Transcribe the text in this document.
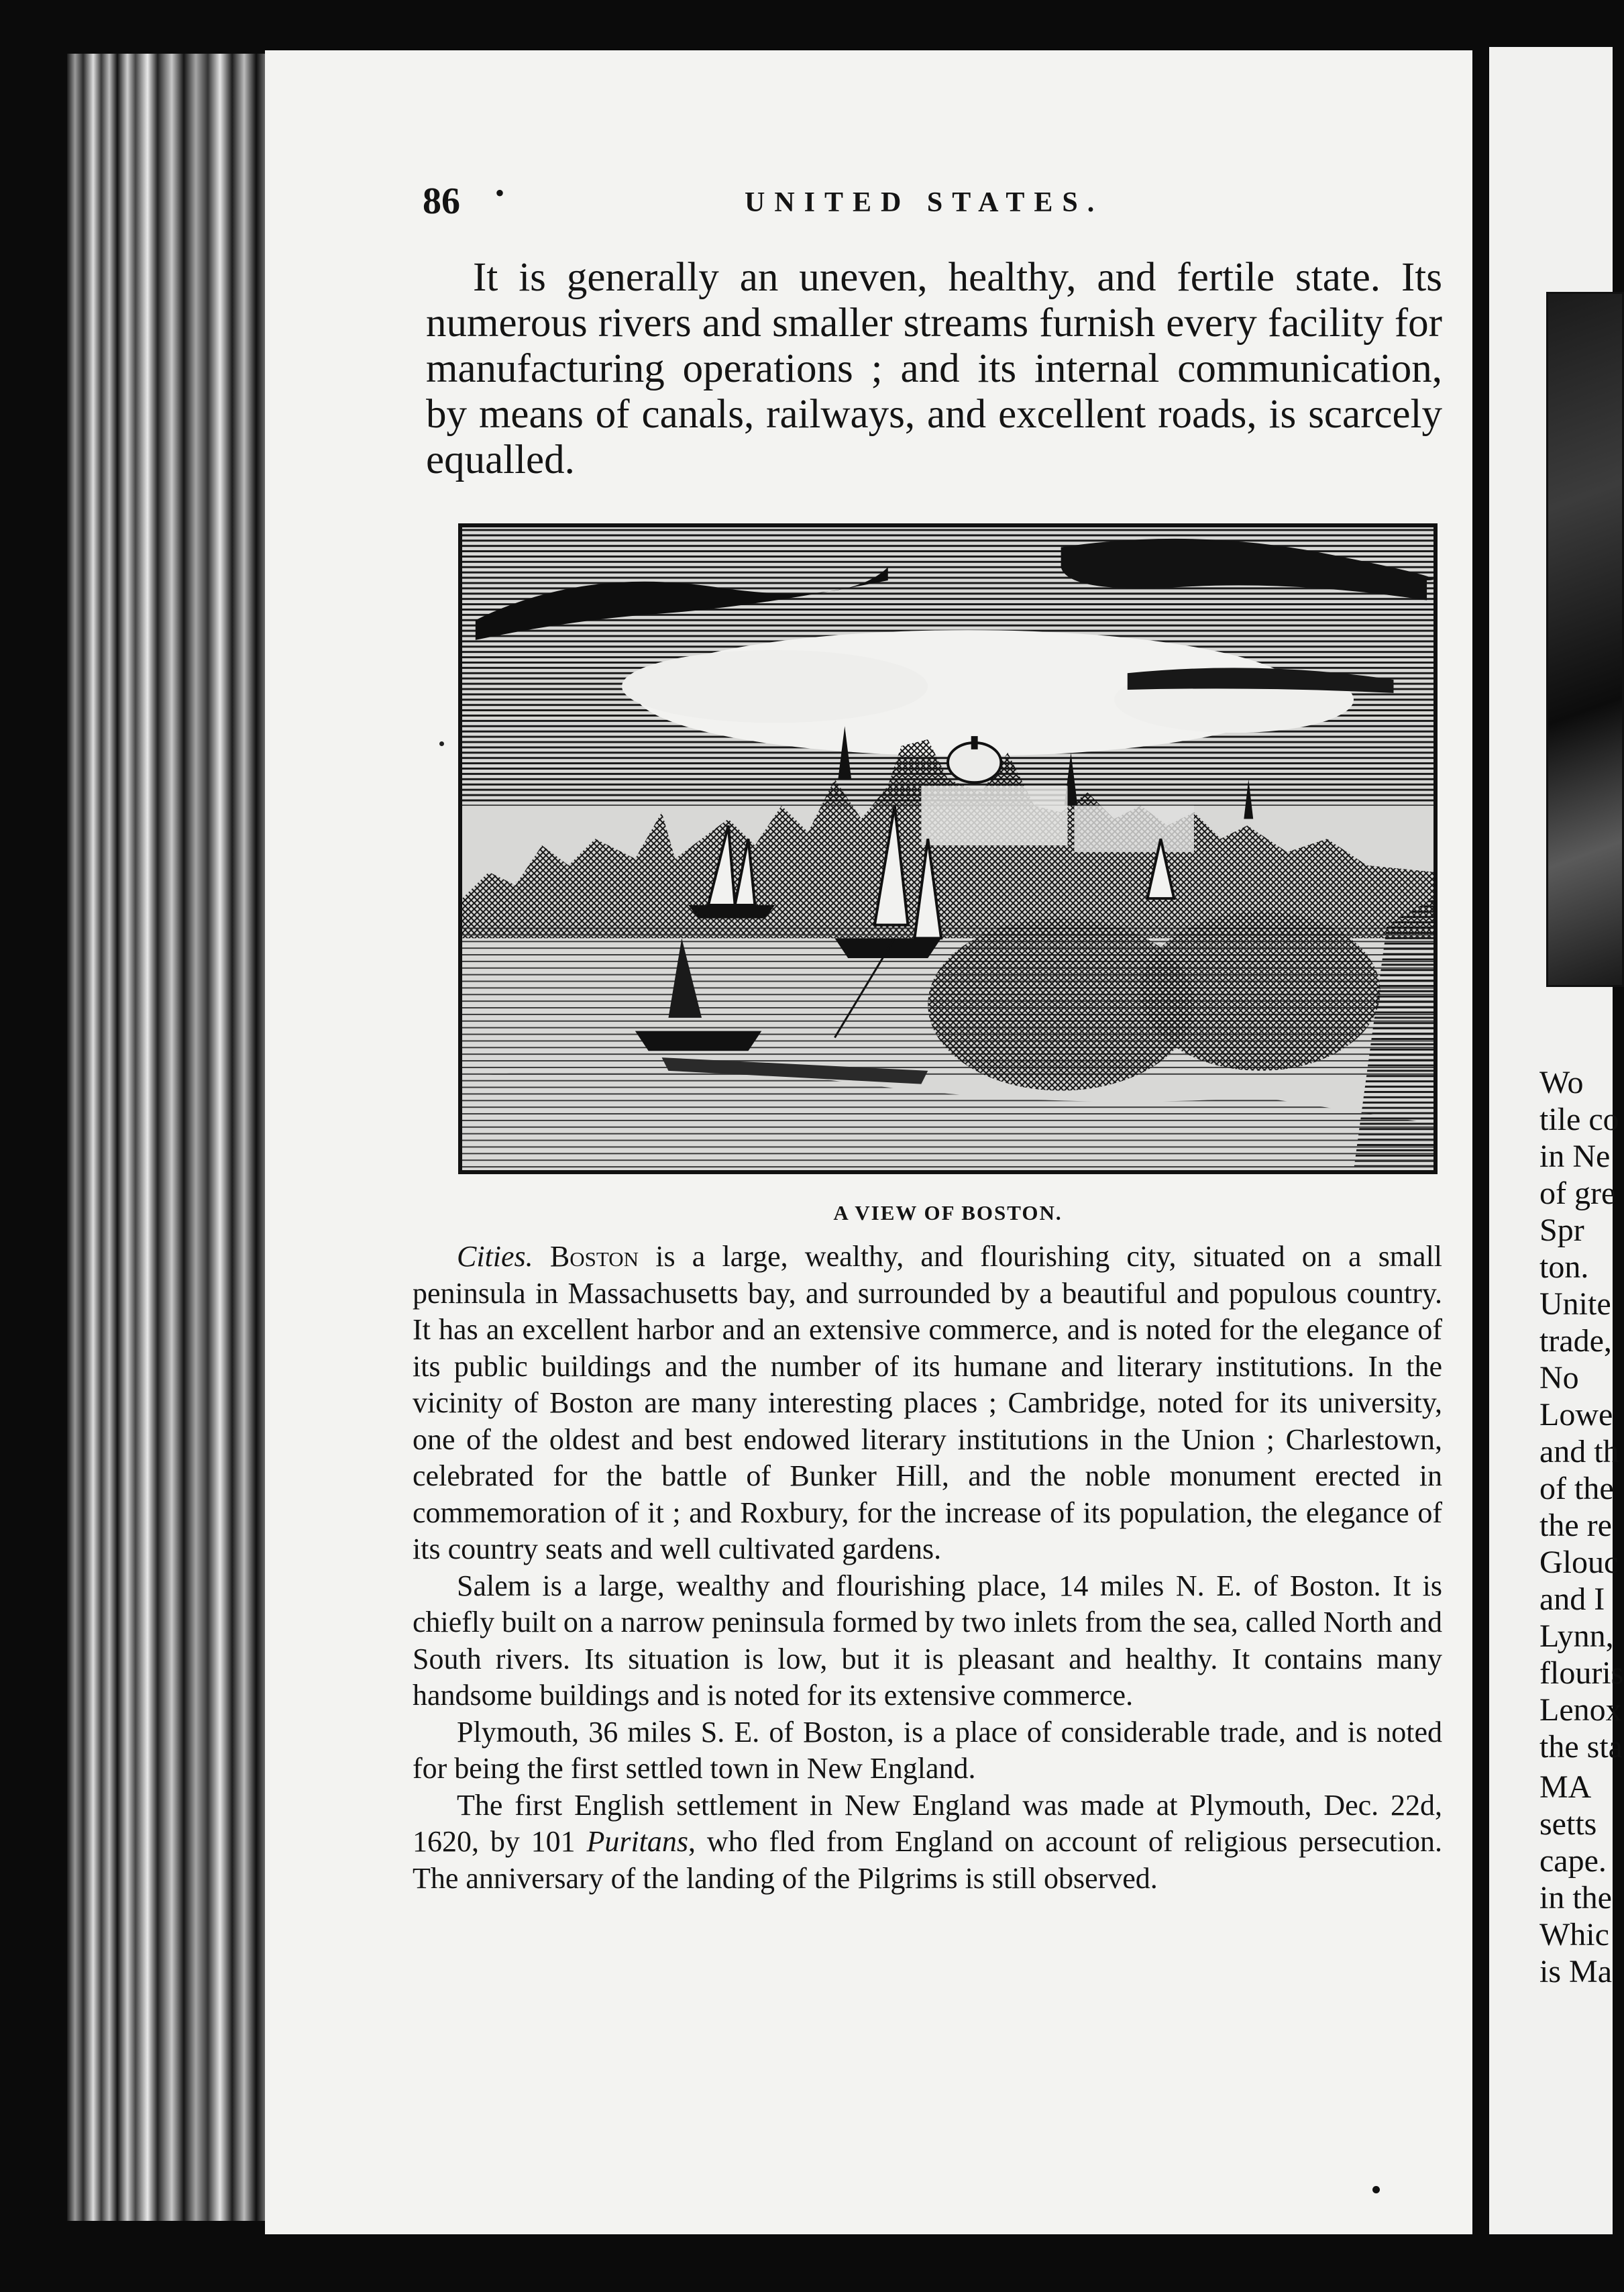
86 •	UNITED STATES.

It is generally an uneven, healthy, and fertile state. Its numerous rivers and smaller streams furnish every facility for manufacturing operations ; and its internal communication, by means of canals, railways, and excellent roads, is scarcely equalled.

A VIEW OF BOSTON.

Cities. Boston is a large, wealthy, and flourishing city, situated on a small peninsula in Massachusetts bay, and surrounded by a beautiful and populous country. It has an excellent harbor and an extensive commerce, and is noted for the elegance of its public buildings and the number of its humane and literary institutions. In the vicinity of Boston are many interesting places ; Cambridge, noted for its university, one of the oldest and best endowed literary institutions in the Union ; Charlestown, celebrated for the battle of Bunker Hill, and the noble monument erected in commemoration of it ; and Roxbury, for the increase of its population, the elegance of its country seats and well cultivated gardens.

Salem is a large, wealthy and flourishing place, 14 miles N. E. of Boston. It is chiefly built on a narrow peninsula formed by two inlets from the sea, called North and South rivers. Its situation is low, but it is pleasant and healthy. It contains many handsome buildings and is noted for its extensive commerce.

Plymouth, 36 miles S. E. of Boston, is a place of considerable trade, and is noted for being the first settled town in New England.

The first English settlement in New England was made at Plymouth, Dec. 22d, 1620, by 101 Puritans, who fled from England on account of religious persecution. The anniversary of the landing of the Pilgrims is still observed.

Wo
tile co
in Ne
of gre
Spr
ton.
Unite
trade,
No
Lowe
and th
of the
the re
Glouc
and I
Lynn,
flouris
Lenox
the sta
MA
setts
cape.
in the
Whic
is Ma
